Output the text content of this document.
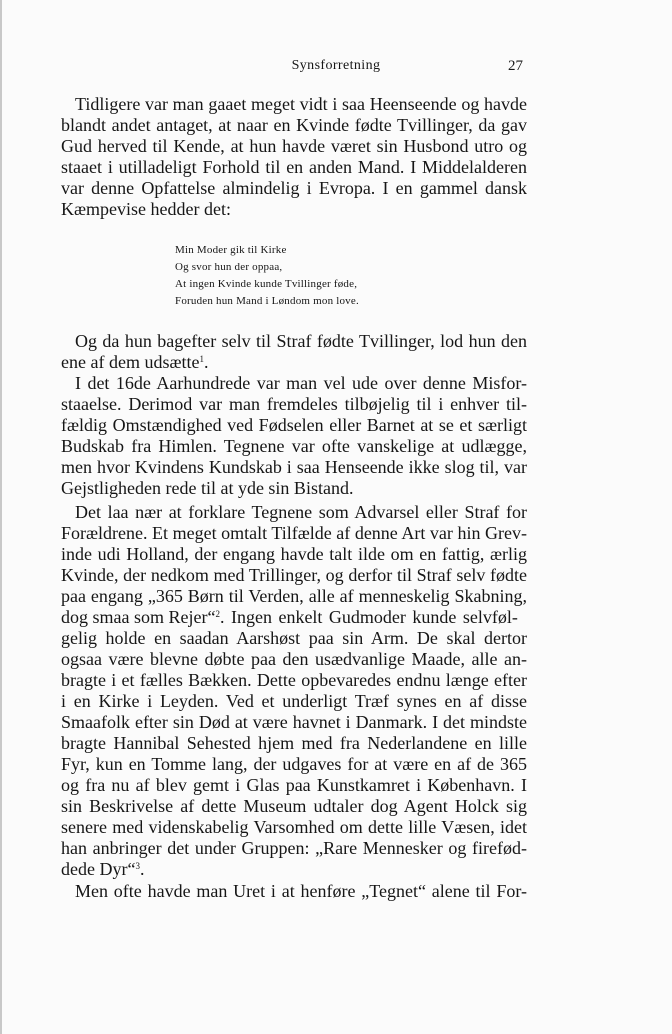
Synsforretning	27
Tidligere var man gaaet meget vidt i saa Heenseende og havde
blandt andet antaget, at naar en Kvinde fødte Tvillinger, da gav
Gud herved til Kende, at hun havde været sin Husbond utro og
staaet i utilladeligt Forhold til en anden Mand. I Middelalderen
var denne Opfattelse almindelig i Evropa. I en gammel dansk
Kæmpevise hedder det:
Min Moder gik til Kirke
Og svor hun der oppaa,
At ingen Kvinde kunde Tvillinger føde,
Foruden hun Mand i Løndom mon love.
Og da hun bagefter selv til Straf fødte Tvillinger, lod hun den
ene af dem udsætte$^1$.
I det 16de Aarhundrede var man vel ude over denne Misfor-
staaelse. Derimod var man fremdeles tilbøjelig til i enhver til-
fældig Omstændighed ved Fødselen eller Barnet at se et særligt
Budskab fra Himlen. Tegnene var ofte vanskelige at udlægge,
men hvor Kvindens Kundskab i saa Henseende ikke slog til, var
Gejstligheden rede til at yde sin Bistand.
Det laa nær at forklare Tegnene som Advarsel eller Straf for
Forældrene. Et meget omtalt Tilfælde af denne Art var hin Grev-
inde udi Holland, der engang havde talt ilde om en fattig, ærlig
Kvinde, der nedkom med Trillinger, og derfor til Straf selv fødte
paa engang „365 Børn til Verden, alle af menneskelig Skabning,
dog smaa som Rejer“$^2$. Ingen enkelt Gudmoder kunde selvføl-
gelig holde en saadan Aarshøst paa sin Arm. De skal dertor
ogsaa være blevne døbte paa den usædvanlige Maade, alle an-
bragte i et fælles Bækken. Dette opbevaredes endnu længe efter
i en Kirke i Leyden. Ved et underligt Træf synes en af disse
Smaafolk efter sin Død at være havnet i Danmark. I det mindste
bragte Hannibal Sehested hjem med fra Nederlandene en lille
Fyr, kun en Tomme lang, der udgaves for at være en af de 365
og fra nu af blev gemt i Glas paa Kunstkamret i København. I
sin Beskrivelse af dette Museum udtaler dog Agent Holck sig
senere med videnskabelig Varsomhed om dette lille Væsen, idet
han anbringer det under Gruppen: „Rare Mennesker og firefød-
dede Dyr“$^3$.
Men ofte havde man Uret i at henføre „Tegnet“ alene til For-
